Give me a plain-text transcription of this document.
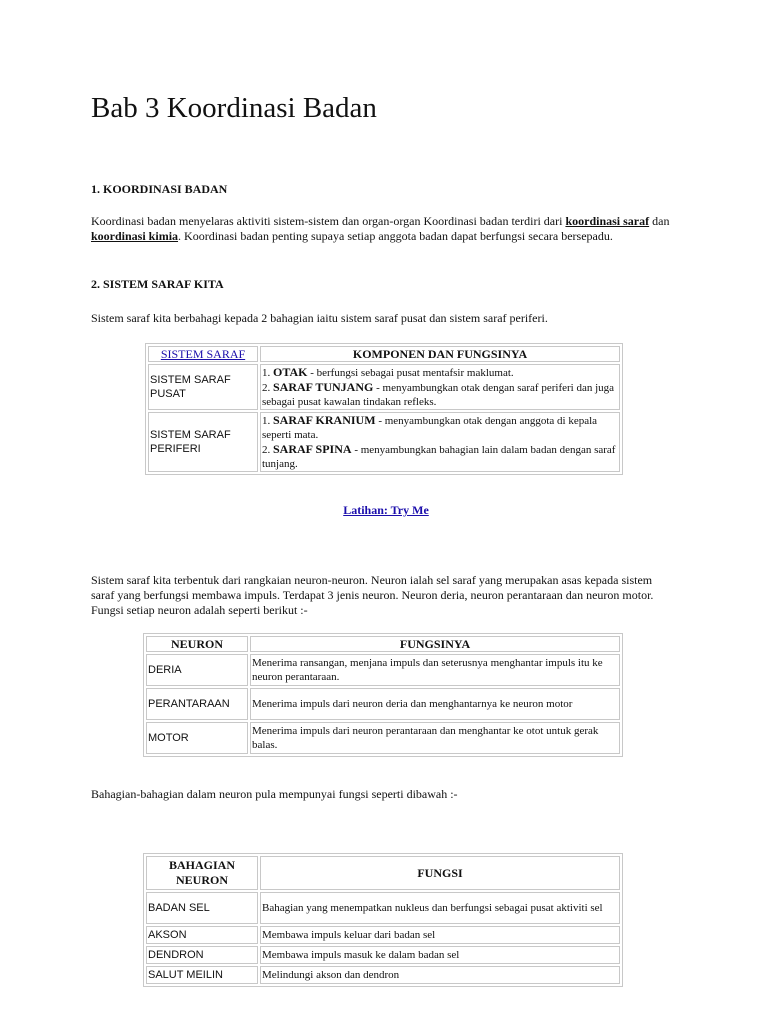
Bab 3 Koordinasi Badan
1. KOORDINASI BADAN

Koordinasi badan menyelaras aktiviti sistem-sistem dan organ-organ Koordinasi badan terdiri dari koordinasi saraf dan koordinasi kimia. Koordinasi badan penting supaya setiap anggota badan dapat berfungsi secara bersepadu.

2. SISTEM SARAF KITA

Sistem saraf kita berbahagi kepada 2 bahagian iaitu sistem saraf pusat dan sistem saraf periferi.

SISTEM SARAF	KOMPONEN DAN FUNGSINYA
SISTEM SARAF PUSAT	1. OTAK - berfungsi sebagai pusat mentafsir maklumat.
2. SARAF TUNJANG - menyambungkan otak dengan saraf periferi dan juga sebagai pusat kawalan tindakan refleks.
SISTEM SARAF PERIFERI	1. SARAF KRANIUM - menyambungkan otak dengan anggota di kepala seperti mata.
2. SARAF SPINA - menyambungkan bahagian lain dalam badan dengan saraf tunjang.
Latihan: Try Me

Sistem saraf kita terbentuk dari rangkaian neuron-neuron. Neuron ialah sel saraf yang merupakan asas kepada sistem saraf yang berfungsi membawa impuls. Terdapat 3 jenis neuron. Neuron deria, neuron perantaraan dan neuron motor. Fungsi setiap neuron adalah seperti berikut :-

NEURON	FUNGSINYA
DERIA	Menerima ransangan, menjana impuls dan seterusnya menghantar impuls itu ke neuron perantaraan.
PERANTARAAN	Menerima impuls dari neuron deria dan menghantarnya ke neuron motor
MOTOR	Menerima impuls dari neuron perantaraan dan menghantar ke otot untuk gerak balas.

Bahagian-bahagian dalam neuron pula mempunyai fungsi seperti dibawah :-

BAHAGIAN NEURON	FUNGSI
BADAN SEL	Bahagian yang menempatkan nukleus dan berfungsi sebagai pusat aktiviti sel
AKSON	Membawa impuls keluar dari badan sel
DENDRON	Membawa impuls masuk ke dalam badan sel
SALUT MEILIN	Melindungi akson dan dendron
